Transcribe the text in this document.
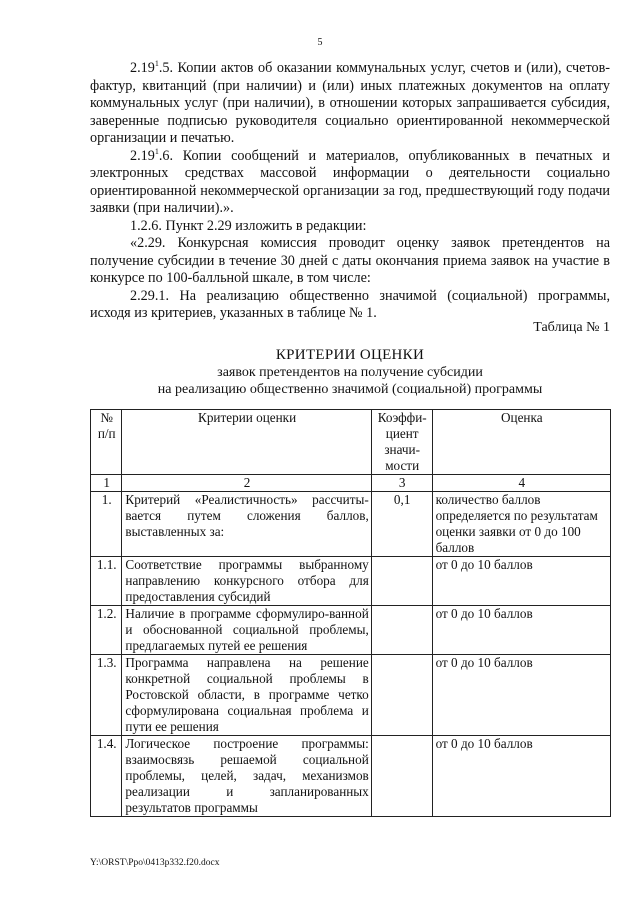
5

2.19$^1$.5. Копии актов об оказании коммунальных услуг, счетов и (или), счетов-фактур, квитанций (при наличии) и (или) иных платежных документов на оплату коммунальных услуг (при наличии), в отношении которых запрашивается субсидия, заверенные подписью руководителя социально ориентированной некоммерческой организации и печатью.

2.19$^1$.6. Копии сообщений и материалов, опубликованных в печатных и электронных средствах массовой информации о деятельности социально ориентированной некоммерческой организации за год, предшествующий году подачи заявки (при наличии).».

1.2.6. Пункт 2.29 изложить в редакции:

«2.29. Конкурсная комиссия проводит оценку заявок претендентов на получение субсидии в течение 30 дней с даты окончания приема заявок на участие в конкурсе по 100-балльной шкале, в том числе:

2.29.1. На реализацию общественно значимой (социальной) программы, исходя из критериев, указанных в таблице № 1.

Таблица № 1
КРИТЕРИИ ОЦЕНКИ
заявок претендентов на получение субсидии
на реализацию общественно значимой (социальной) программы
№ п/п	Критерии оценки	Коэффи-циент значи-мости	Оценка
1	2	3	4
1.	Критерий «Реалистичность» рассчиты-вается путем сложения баллов, выставленных за:	0,1	количество баллов определяется по результатам оценки заявки от 0 до 100 баллов
1.1.	Соответствие программы выбранному направлению конкурсного отбора для предоставления субсидий		от 0 до 10 баллов
1.2.	Наличие в программе сформулиро-ванной и обоснованной социальной проблемы, предлагаемых путей ее решения		от 0 до 10 баллов
1.3.	Программа направлена на решение конкретной социальной проблемы в Ростовской области, в программе четко сформулирована социальная проблема и пути ее решения		от 0 до 10 баллов
1.4.	Логическое построение программы: взаимосвязь решаемой социальной проблемы, целей, задач, механизмов реализации и запланированных результатов программы		от 0 до 10 баллов
Y:\ORST\Ppo\0413p332.f20.docx
